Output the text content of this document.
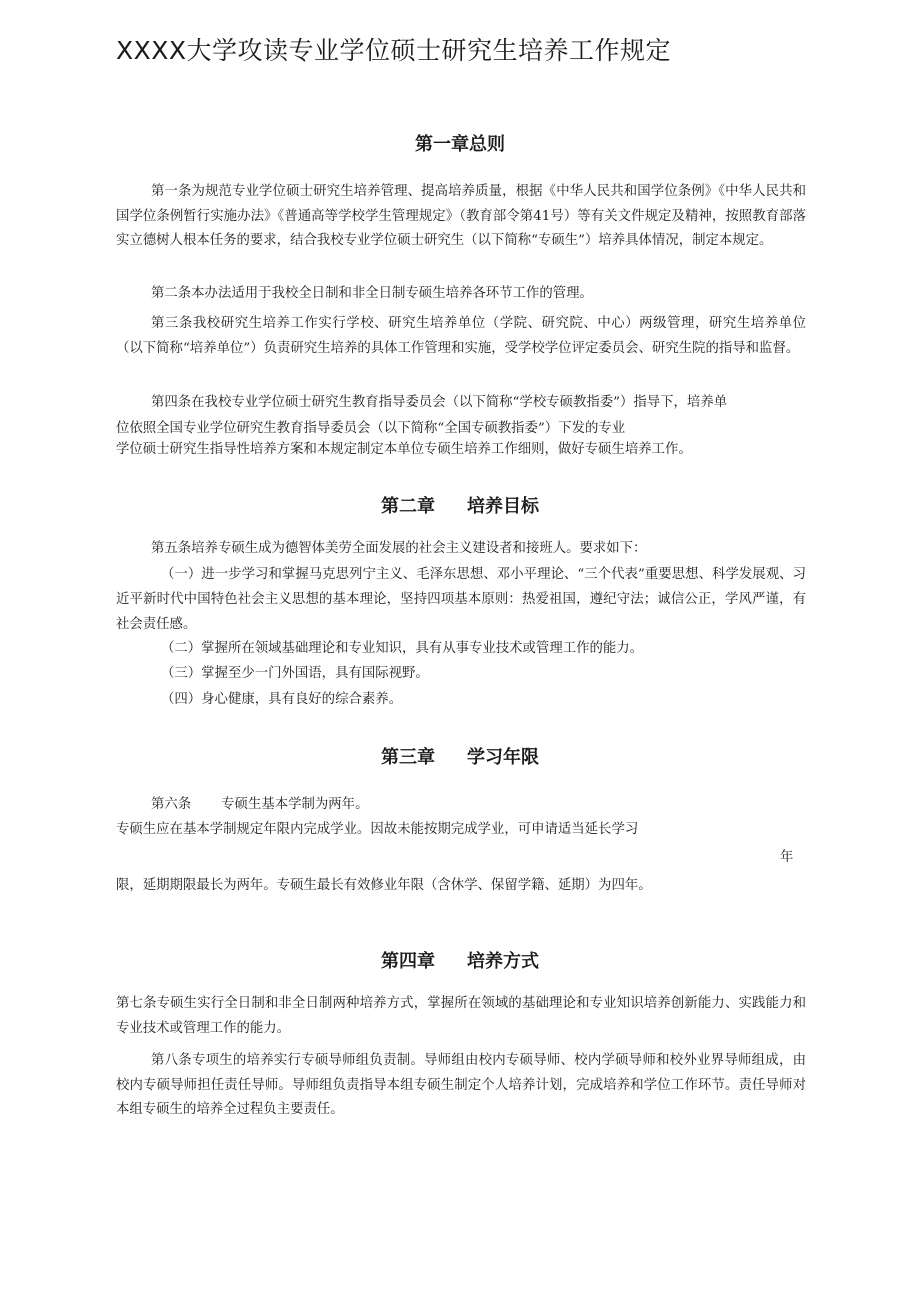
XXXX大学攻读专业学位硕士研究生培养工作规定
第一章总则
第一条为规范专业学位硕士研究生培养管理、提高培养质量，根据《中华人民共和国学位条例》《中华人民共和国学位条例暂行实施办法》《普通高等学校学生管理规定》（教育部令第41号）等有关文件规定及精神，按照教育部落实立德树人根本任务的要求，结合我校专业学位硕士研究生（以下简称“专硕生”）培养具体情况，制定本规定。
第二条本办法适用于我校全日制和非全日制专硕生培养各环节工作的管理。
第三条我校研究生培养工作实行学校、研究生培养单位（学院、研究院、中心）两级管理，研究生培养单位（以下简称“培养单位”）负责研究生培养的具体工作管理和实施，受学校学位评定委员会、研究生院的指导和监督。
第四条在我校专业学位硕士研究生教育指导委员会（以下简称“学校专硕教指委”）指导下，培养单
位依照全国专业学位研究生教育指导委员会（以下简称“全国专硕教指委”）下发的专业
学位硕士研究生指导性培养方案和本规定制定本单位专硕生培养工作细则，做好专硕生培养工作。
第二章 培养目标
第五条培养专硕生成为德智体美劳全面发展的社会主义建设者和接班人。要求如下：
（一）进一步学习和掌握马克思列宁主义、毛泽东思想、邓小平理论、“三个代表”重要思想、科学发展观、习近平新时代中国特色社会主义思想的基本理论，坚持四项基本原则：热爱祖国，遵纪守法；诚信公正，学风严谨，有社会责任感。
（二）掌握所在领域基础理论和专业知识，具有从事专业技术或管理工作的能力。
（三）掌握至少一门外国语，具有国际视野。
（四）身心健康，具有良好的综合素养。
第三章 学习年限
第六条 专硕生基本学制为两年。
专硕生应在基本学制规定年限内完成学业。因故未能按期完成学业，可申请适当延长学习
年
限，延期期限最长为两年。专硕生最长有效修业年限（含休学、保留学籍、延期）为四年。
第四章 培养方式
第七条专硕生实行全日制和非全日制两种培养方式，掌握所在领域的基础理论和专业知识培养创新能力、实践能力和专业技术或管理工作的能力。
第八条专项生的培养实行专硕导师组负责制。导师组由校内专硕导师、校内学硕导师和校外业界导师组成，由校内专硕导师担任责任导师。导师组负责指导本组专硕生制定个人培养计划，完成培养和学位工作环节。责任导师对本组专硕生的培养全过程负主要责任。
